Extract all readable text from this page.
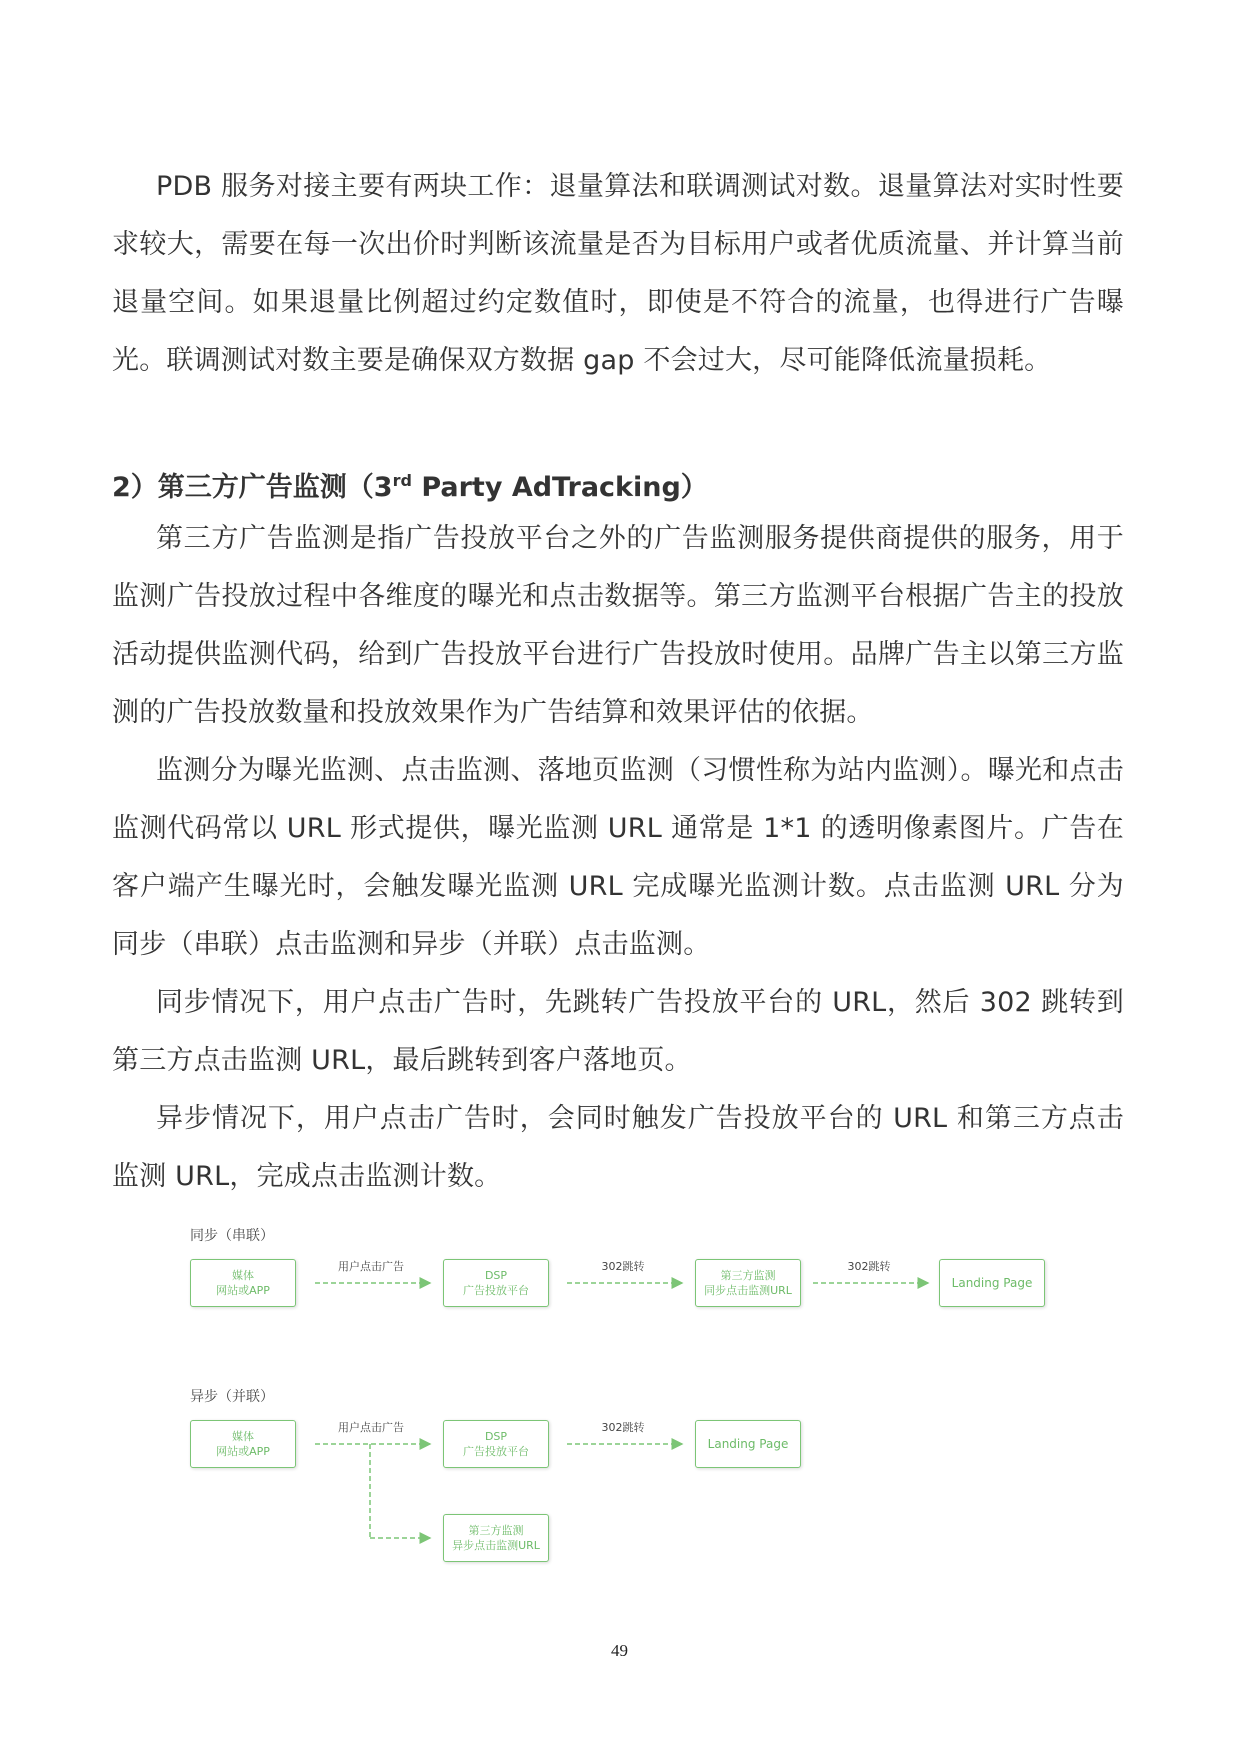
PDB 服务对接主要有两块工作：退量算法和联调测试对数。退量算法对实时性要求较大，需要在每一次出价时判断该流量是否为目标用户或者优质流量、并计算当前退量空间。如果退量比例超过约定数值时，即使是不符合的流量，也得进行广告曝光。联调测试对数主要是确保双方数据 gap 不会过大，尽可能降低流量损耗。

2）第三方广告监测（3rd Party AdTracking）

第三方广告监测是指广告投放平台之外的广告监测服务提供商提供的服务，用于监测广告投放过程中各维度的曝光和点击数据等。第三方监测平台根据广告主的投放活动提供监测代码，给到广告投放平台进行广告投放时使用。品牌广告主以第三方监测的广告投放数量和投放效果作为广告结算和效果评估的依据。

监测分为曝光监测、点击监测、落地页监测（习惯性称为站内监测）。曝光和点击监测代码常以 URL 形式提供，曝光监测 URL 通常是 1*1 的透明像素图片。广告在客户端产生曝光时，会触发曝光监测 URL 完成曝光监测计数。点击监测 URL 分为同步（串联）点击监测和异步（并联）点击监测。

同步情况下，用户点击广告时，先跳转广告投放平台的 URL，然后 302 跳转到第三方点击监测 URL，最后跳转到客户落地页。

异步情况下，用户点击广告时，会同时触发广告投放平台的 URL 和第三方点击监测 URL，完成点击监测计数。

同步（串联）
媒体
网站或APP
DSP
广告投放平台
第三方监测
同步点击监测URL
Landing Page
用户点击广告	302跳转	302跳转
异步（并联）
媒体
网站或APP
DSP
广告投放平台
Landing Page
第三方监测
异步点击监测URL
用户点击广告	302跳转
49
